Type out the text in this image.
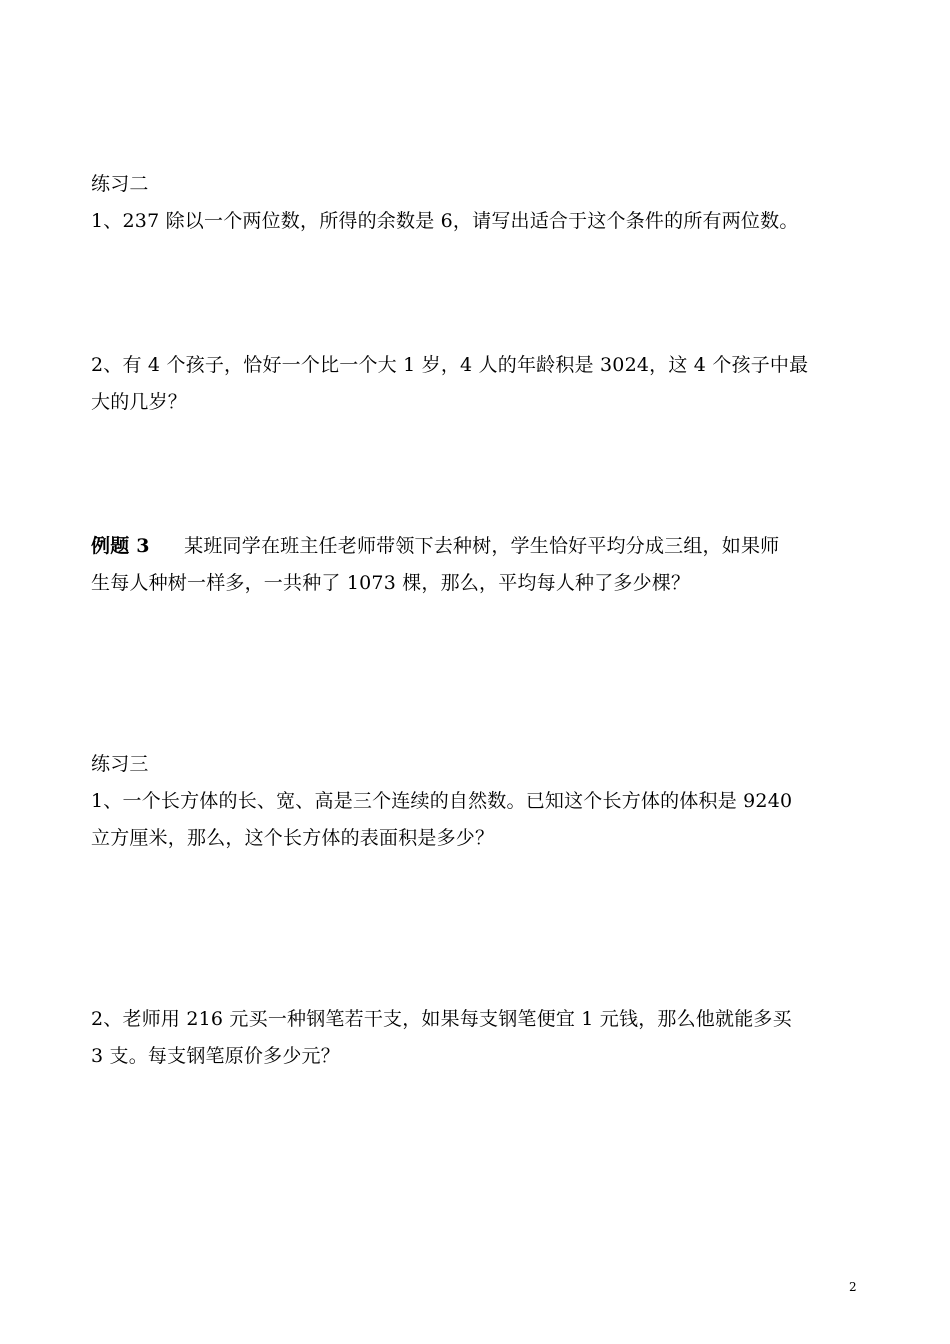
练习二
1、237 除以一个两位数，所得的余数是 6，请写出适合于这个条件的所有两位数。
2、有 4 个孩子，恰好一个比一个大 1 岁，4 人的年龄积是 3024，这 4 个孩子中最
大的几岁？
例题 3 某班同学在班主任老师带领下去种树，学生恰好平均分成三组，如果师
生每人种树一样多，一共种了 1073 棵，那么，平均每人种了多少棵？
练习三
1、一个长方体的长、宽、高是三个连续的自然数。已知这个长方体的体积是 9240
立方厘米，那么，这个长方体的表面积是多少？
2、老师用 216 元买一种钢笔若干支，如果每支钢笔便宜 1 元钱，那么他就能多买
3 支。每支钢笔原价多少元？
2
